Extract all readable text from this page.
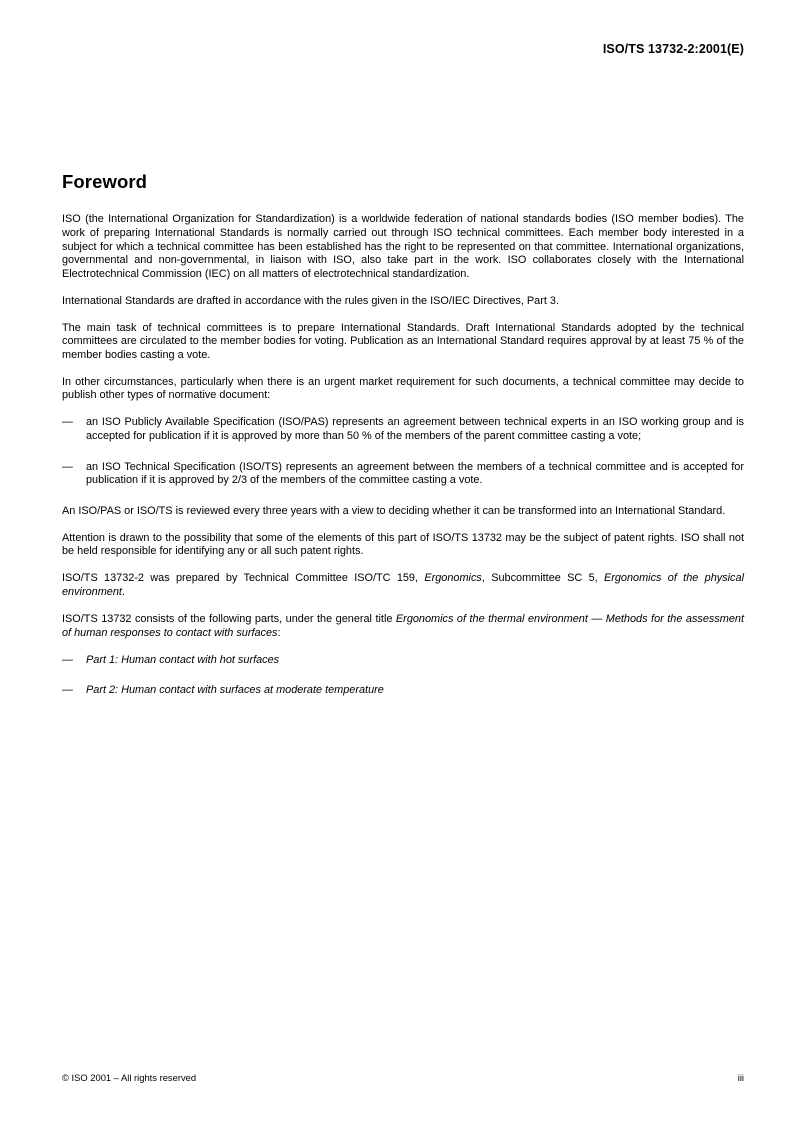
ISO/TS 13732-2:2001(E)
Foreword

ISO (the International Organization for Standardization) is a worldwide federation of national standards bodies (ISO member bodies). The work of preparing International Standards is normally carried out through ISO technical committees. Each member body interested in a subject for which a technical committee has been established has the right to be represented on that committee. International organizations, governmental and non-governmental, in liaison with ISO, also take part in the work. ISO collaborates closely with the International Electrotechnical Commission (IEC) on all matters of electrotechnical standardization.

International Standards are drafted in accordance with the rules given in the ISO/IEC Directives, Part 3.

The main task of technical committees is to prepare International Standards. Draft International Standards adopted by the technical committees are circulated to the member bodies for voting. Publication as an International Standard requires approval by at least 75 % of the member bodies casting a vote.

In other circumstances, particularly when there is an urgent market requirement for such documents, a technical committee may decide to publish other types of normative document:

—	an ISO Publicly Available Specification (ISO/PAS) represents an agreement between technical experts in an ISO working group and is accepted for publication if it is approved by more than 50 % of the members of the parent committee casting a vote;
—	an ISO Technical Specification (ISO/TS) represents an agreement between the members of a technical committee and is accepted for publication if it is approved by 2/3 of the members of the committee casting a vote.

An ISO/PAS or ISO/TS is reviewed every three years with a view to deciding whether it can be transformed into an International Standard.

Attention is drawn to the possibility that some of the elements of this part of ISO/TS 13732 may be the subject of patent rights. ISO shall not be held responsible for identifying any or all such patent rights.

ISO/TS 13732-2 was prepared by Technical Committee ISO/TC 159, Ergonomics, Subcommittee SC 5, Ergonomics of the physical environment.

ISO/TS 13732 consists of the following parts, under the general title Ergonomics of the thermal environment — Methods for the assessment of human responses to contact with surfaces:

—	Part 1: Human contact with hot surfaces
—	Part 2: Human contact with surfaces at moderate temperature
© ISO 2001 – All rights reserved	iii
